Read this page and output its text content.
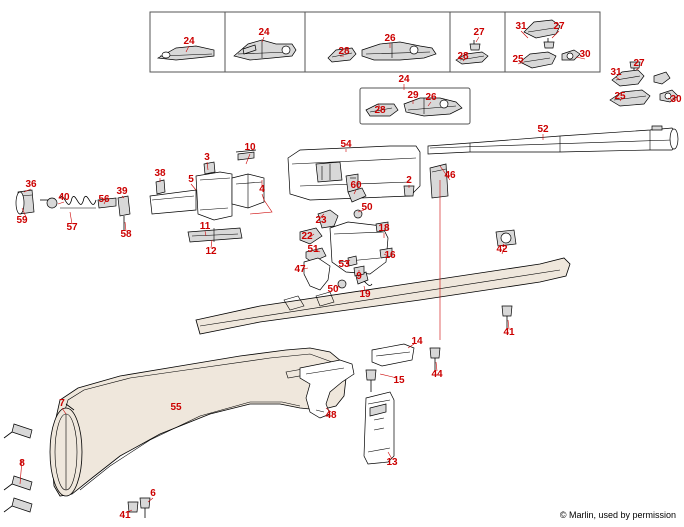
24
24
28
26
27
28
31	27
30
25
31
27
25	30
24
29 26
28
52
54
10
3
5
38
4	60	2	46
36
40	56
39
57
59
58
11
12
23
50
18
22
51
16
53
47
9
50 19
42
41
14
15
44
7	55
48
13
8
6
41	© Marlin, used by permission
